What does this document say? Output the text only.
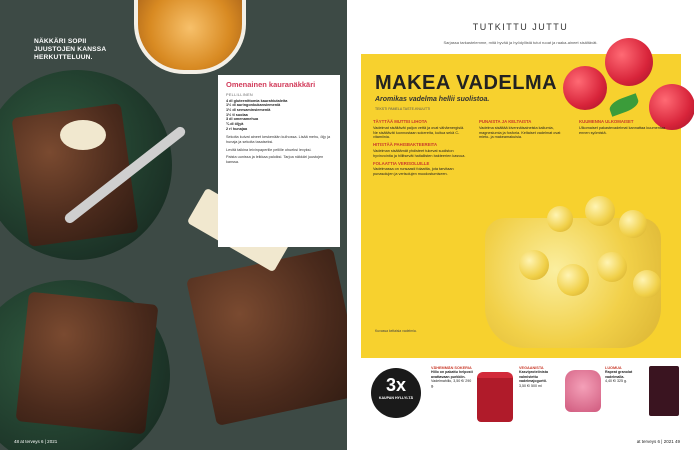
NÄKKÄRI SOPII JUUSTOJEN KANSSA HERKUTTELUUN.
Omenainen kauranäkkäri
PELLILLINEN

4 dl gluteenittomia kaurahiutaleita

1½ dl auringonkukansiemeniä

1½ dl seesaminsiemeniä

1½ tl suolaa

3 dl omenamehua

¾ dl öljyä

2 rl hunajaa

Sekoita kuivat aineet keskenään kulhossa. Lisää mehu, öljy ja hunaja ja sekoita tasaiseksi.
Levitä taikina leivinpaperille pellille ohueksi levyksi.
Paista uunissa ja leikkaa paloiksi. Tarjoa näkkäri juustojen kanssa.
48 at terveys 6 | 2021
TUTKITTU JUTTU
Sarjassa tarkastelemme, mitä hyvää ja hyödyllistä tutut ruoat ja raaka-aineet sisältävät.
MAKEA VADELMA
Aromikas vadelma hellii suolistoa.
TEKSTI PAMELA TASTE-KNUUTTI
TÄYTTÄÄ MUTTEI LIHOTA

Vadelmat sisältävät paljon vettä ja ovat vähäenergisiä. Ne sisältävät luonnostaan sokereita, kuitua sekä C-vitamiinia.

HITISTÄÄ PAHISBAKTEEREITA

Vadelman sisältämät yhdisteet tukevat suoliston hyvinvointia ja hillitsevät haitallisten bakteerien kasvua.

FOLAATTIA VERISOLUILLE

Vadelmassa on runsaasti folaattia, jota tarvitaan punasolujen ja verisolujen muodostumiseen.

PUNAISTA JA KELTAISTA

Vadelma sisältää kivennäisaineista kaliumia, magnesiumia ja fosforia. Keltaiset vadelmat ovat mieto- ja makeamakuisia.

KUUMENNA ULKOMAISET

Ulkomaiset pakastevadelmat kannattaa kuumentaa ennen syömistä.

Kuvassa keltaisia vadelmia.
3x
KAUPAN HYLLYLTÄ
VÄHEMMÄN SOKERIA
Hillo on pakattu helposti avattavaan purkkiin.
Vadelmahillo, 3,50 €/ 290 g.
VEGAANISTA
Kasviproteiinista valmistettu vadelmajogurtti.
3,50 €/ 500 ml
LUOMUA
Rapeat granolat vadelmalla.
4,40 €/ 325 g.
at terveys 6 | 2021 49
